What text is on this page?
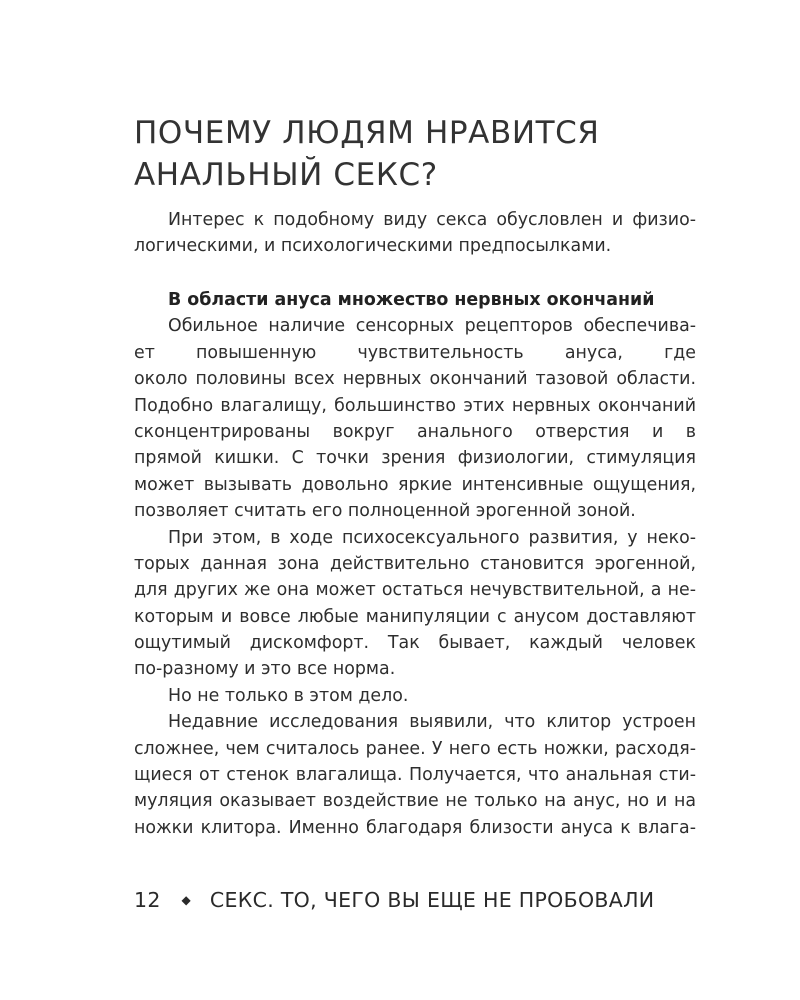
ПОЧЕМУ ЛЮДЯМ НРАВИТСЯ
АНАЛЬНЫЙ СЕКС?
Интерес к подобному виду секса обусловлен и физио-
логическими, и психологическими предпосылками.
В области ануса множество нервных окончаний
Обильное наличие сенсорных рецепторов обеспечива-
ет повышенную чувствительность ануса, где
около половины всех нервных окончаний тазовой области.
Подобно влагалищу, большинство этих нервных окончаний
сконцентрированы вокруг анального отверстия и в
прямой кишки. С точки зрения физиологии, стимуляция
может вызывать довольно яркие интенсивные ощущения,
позволяет считать его полноценной эрогенной зоной.
При этом, в ходе психосексуального развития, у неко-
торых данная зона действительно становится эрогенной,
для других же она может остаться нечувствительной, а не-
которым и вовсе любые манипуляции с анусом доставляют
ощутимый дискомфорт. Так бывает, каждый человек
по-разному и это все норма.
Но не только в этом дело.
Недавние исследования выявили, что клитор устроен
сложнее, чем считалось ранее. У него есть ножки, расходя-
щиеся от стенок влагалища. Получается, что анальная сти-
муляция оказывает воздействие не только на анус, но и на
ножки клитора. Именно благодаря близости ануса к влага-
12 ◆ СЕКС. ТО, ЧЕГО ВЫ ЕЩЕ НЕ ПРОБОВАЛИ
